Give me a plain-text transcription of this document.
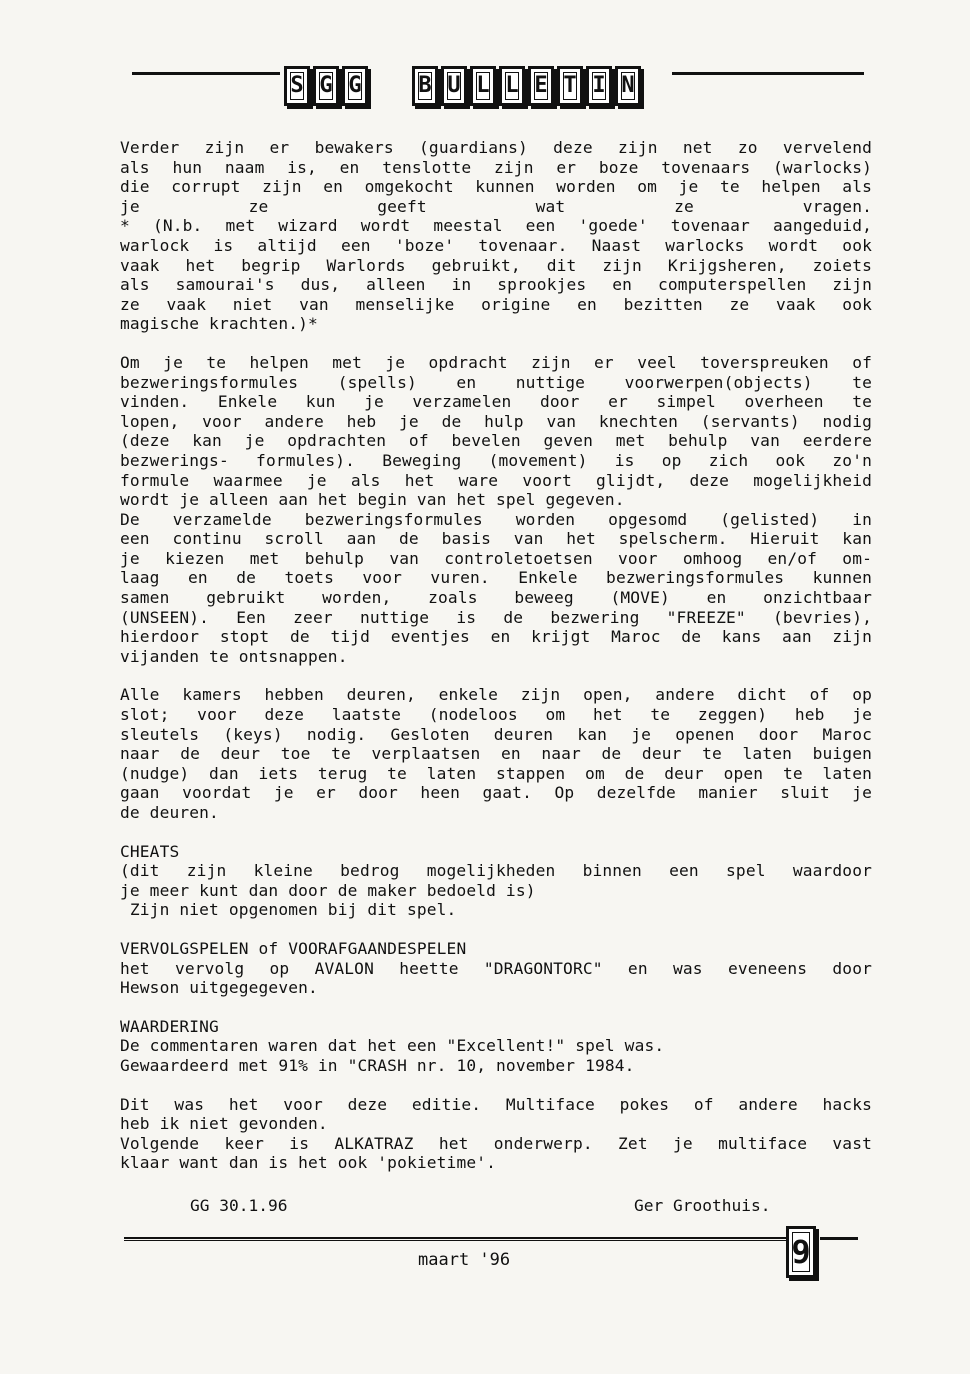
S G G	B U L L E T I N
Verder zijn er bewakers (guardians) deze zijn net zo vervelend
als hun naam is, en tenslotte zijn er boze tovenaars (warlocks)
die corrupt zijn en omgekocht kunnen worden om je te helpen als
je ze geeft wat ze vragen.
* (N.b. met wizard wordt meestal een 'goede' tovenaar aangeduid,
warlock is altijd een 'boze' tovenaar. Naast warlocks wordt ook
vaak het begrip Warlords gebruikt, dit zijn Krijgsheren, zoiets
als samourai's dus, alleen in sprookjes en computerspellen zijn
ze vaak niet van menselijke origine en bezitten ze vaak ook
magische krachten.)*
Om je te helpen met je opdracht zijn er veel toverspreuken of
bezweringsformules (spells) en nuttige voorwerpen(objects) te
vinden. Enkele kun je verzamelen door er simpel overheen te
lopen, voor andere heb je de hulp van knechten (servants) nodig
(deze kan je opdrachten of bevelen geven met behulp van eerdere
bezwerings- formules). Beweging (movement) is op zich ook zo'n
formule waarmee je als het ware voort glijdt, deze mogelijkheid
wordt je alleen aan het begin van het spel gegeven.
De verzamelde bezweringsformules worden opgesomd (gelisted) in
een continu scroll aan de basis van het spelscherm. Hieruit kan
je kiezen met behulp van controletoetsen voor omhoog en/of om-
laag en de toets voor vuren. Enkele bezweringsformules kunnen
samen gebruikt worden, zoals beweeg (MOVE) en onzichtbaar
(UNSEEN). Een zeer nuttige is de bezwering "FREEZE" (bevries),
hierdoor stopt de tijd eventjes en krijgt Maroc de kans aan zijn
vijanden te ontsnappen.
Alle kamers hebben deuren, enkele zijn open, andere dicht of op
slot; voor deze laatste (nodeloos om het te zeggen) heb je
sleutels (keys) nodig. Gesloten deuren kan je openen door Maroc
naar de deur toe te verplaatsen en naar de deur te laten buigen
(nudge) dan iets terug te laten stappen om de deur open te laten
gaan voordat je er door heen gaat. Op dezelfde manier sluit je
de deuren.
CHEATS
(dit zijn kleine bedrog mogelijkheden binnen een spel waardoor
je meer kunt dan door de maker bedoeld is)
Zijn niet opgenomen bij dit spel.
VERVOLGSPELEN of VOORAFGAANDESPELEN
het vervolg op AVALON heette "DRAGONTORC" en was eveneens door
Hewson uitgegegeven.
WAARDERING
De commentaren waren dat het een "Excellent!" spel was.
Gewaardeerd met 91% in "CRASH nr. 10, november 1984.
Dit was het voor deze editie. Multiface pokes of andere hacks
heb ik niet gevonden.
Volgende keer is ALKATRAZ het onderwerp. Zet je multiface vast
klaar want dan is het ook 'pokietime'.
GG 30.1.96	Ger Groothuis.
maart '96	9
